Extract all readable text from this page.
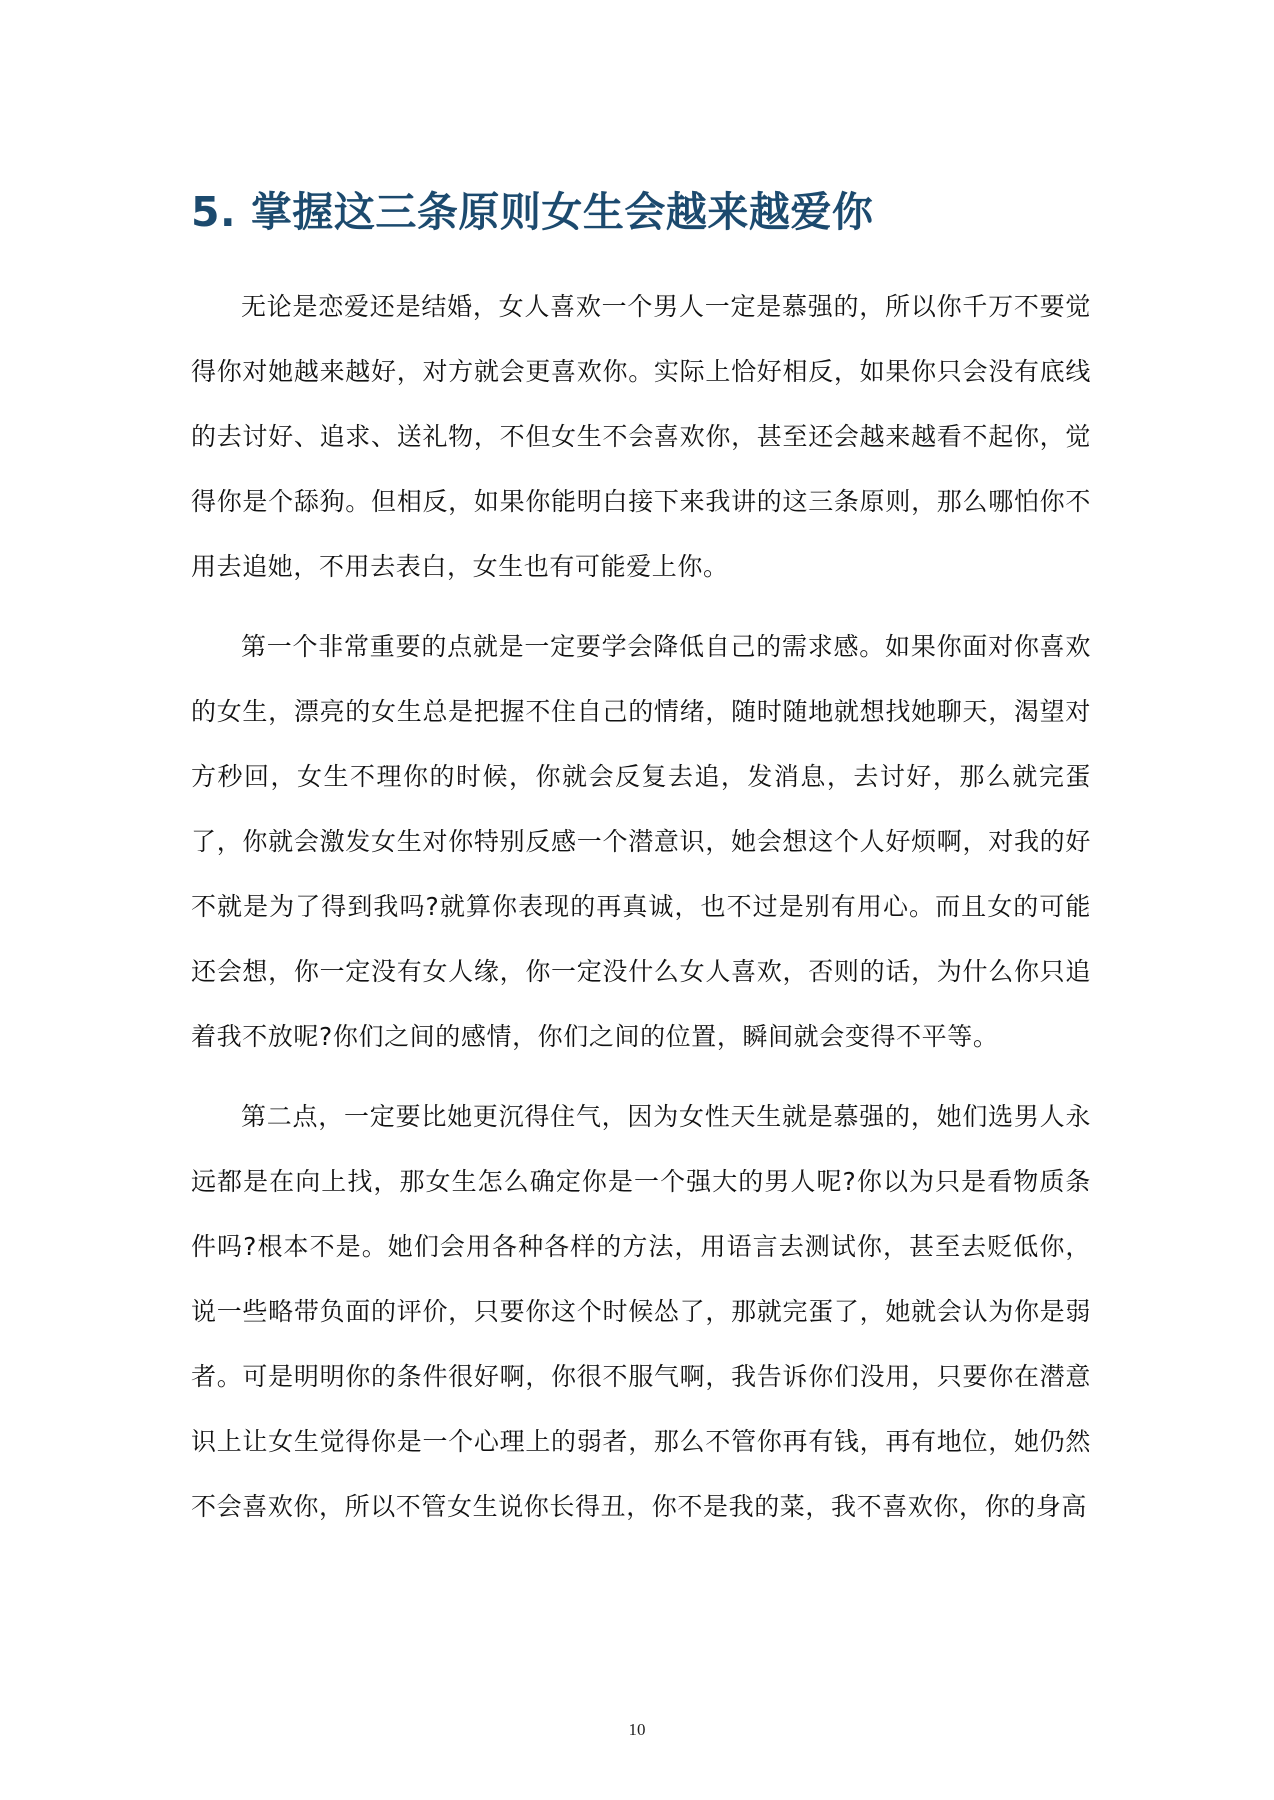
5. 掌握这三条原则女生会越来越爱你

无论是恋爱还是结婚，女人喜欢一个男人一定是慕强的，所以你千万不要觉得你对她越来越好，对方就会更喜欢你。实际上恰好相反，如果你只会没有底线的去讨好、追求、送礼物，不但女生不会喜欢你，甚至还会越来越看不起你，觉得你是个舔狗。但相反，如果你能明白接下来我讲的这三条原则，那么哪怕你不用去追她，不用去表白，女生也有可能爱上你。

第一个非常重要的点就是一定要学会降低自己的需求感。如果你面对你喜欢的女生，漂亮的女生总是把握不住自己的情绪，随时随地就想找她聊天，渴望对方秒回，女生不理你的时候，你就会反复去追，发消息，去讨好，那么就完蛋了，你就会激发女生对你特别反感一个潜意识，她会想这个人好烦啊，对我的好不就是为了得到我吗?就算你表现的再真诚，也不过是别有用心。而且女的可能还会想，你一定没有女人缘，你一定没什么女人喜欢，否则的话，为什么你只追着我不放呢?你们之间的感情，你们之间的位置，瞬间就会变得不平等。

第二点，一定要比她更沉得住气，因为女性天生就是慕强的，她们选男人永远都是在向上找，那女生怎么确定你是一个强大的男人呢?你以为只是看物质条件吗?根本不是。她们会用各种各样的方法，用语言去测试你，甚至去贬低你，说一些略带负面的评价，只要你这个时候怂了，那就完蛋了，她就会认为你是弱者。可是明明你的条件很好啊，你很不服气啊，我告诉你们没用，只要你在潜意识上让女生觉得你是一个心理上的弱者，那么不管你再有钱，再有地位，她仍然不会喜欢你，所以不管女生说你长得丑，你不是我的菜，我不喜欢你，你的身高

10
